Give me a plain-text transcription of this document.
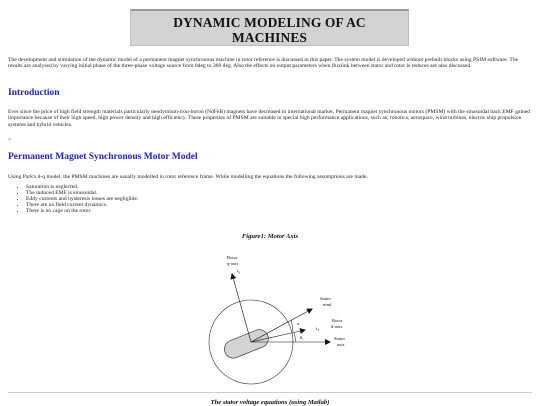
DYNAMIC MODELING OF AC
MACHINES

The development and simulation of the dynamic model of a permanent magnet synchronous machine in rotor reference is discussed in this paper. The system model is developed without prebuilt blocks using PSIM software. The results are analysed by varying initial phase of the three-phase voltage source from 0deg to 360 deg. Also the effects on output parameters when fluxlink between stator and rotor is reduces are also discussed.

Introduction

Ever since the price of high field strength materials particularly neodymium-iron-boron (NdFeB) magnets have decreased in international market, Permanent magnet synchronous motors (PMSM) with the sinusoidal back EMF gained importance because of their high speed, high power density and high efficiency. These properties of PMSM are suitable in special high performance applications, such as; robotics, aerospace, wind turbines, electric ship propulsion systems and hybrid vehicles.

>
Permanent Magnet Synchronous Motor Model

Using Park's d-q model, the PMSM machines are usually modelled in rotor reference frame. While modelling the equations the following assumptions are made.

• Saturation is neglected.
• The induced EMF is sinusoidal.
• Eddy currents and hysteresis losses are negligible.
• There are no field current dynamics.
• There is no cage on the rotor.
Figure1: Motor Axis
Rotor
q-axis
$i_q$
Stator
mmf
α
$i_d$
Rotor
d-axis
$\theta_r$	Stator
axis
The stator voltage equations (using Matlab)
